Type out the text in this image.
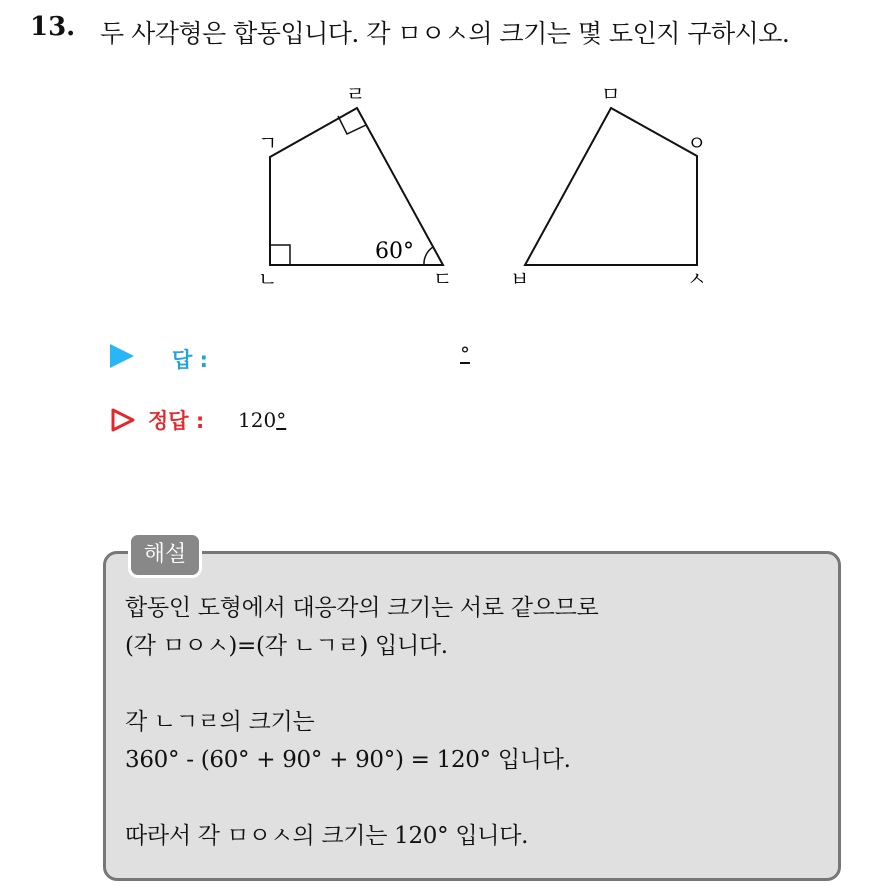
13. 두 사각형은 합동입니다. 각 ㅁㅇㅅ의 크기는 몇 도인지 구하시오.
ㄱ
ㄴ	ㄷ
ㄹ
60°
ㅁ
ㅇ
ㅅ
ㅂ
답 :	°
정답 : 120°
해설
합동인 도형에서 대응각의 크기는 서로 같으므로
(각 ㅁㅇㅅ)=(각 ㄴㄱㄹ) 입니다.
각 ㄴㄱㄹ의 크기는
360° - (60° + 90° + 90°) = 120° 입니다.
따라서 각 ㅁㅇㅅ의 크기는 120° 입니다.
